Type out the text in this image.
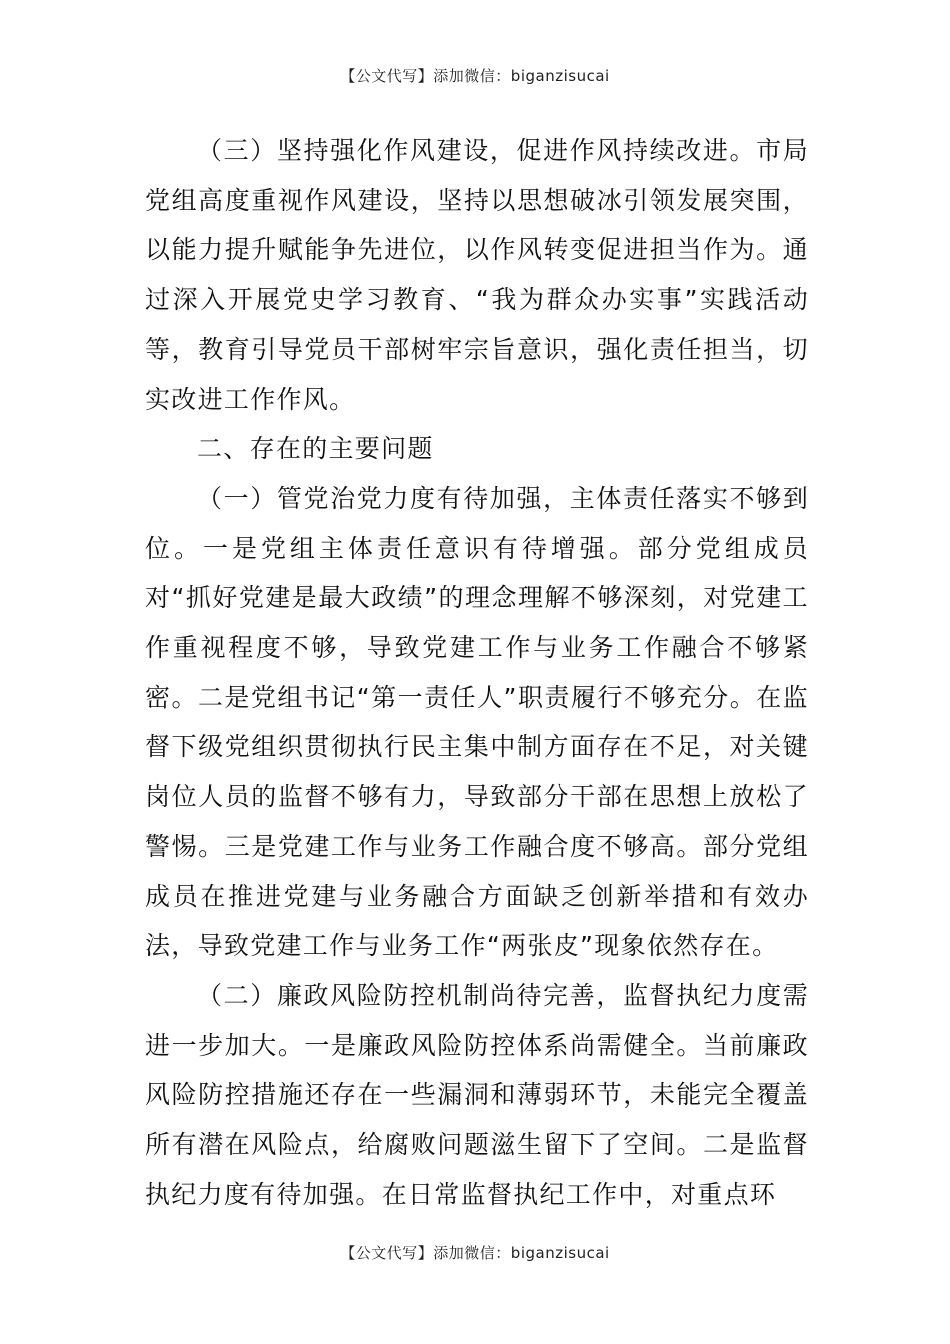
【公文代写】添加微信：biganzisucai

（三）坚持强化作风建设，促进作风持续改进。市局党组高度重视作风建设，坚持以思想破冰引领发展突围，以能力提升赋能争先进位，以作风转变促进担当作为。通过深入开展党史学习教育、“我为群众办实事”实践活动等，教育引导党员干部树牢宗旨意识，强化责任担当，切实改进工作作风。

二、存在的主要问题

（一）管党治党力度有待加强，主体责任落实不够到位。一是党组主体责任意识有待增强。部分党组成员对“抓好党建是最大政绩”的理念理解不够深刻，对党建工作重视程度不够，导致党建工作与业务工作融合不够紧密。二是党组书记“第一责任人”职责履行不够充分。在监督下级党组织贯彻执行民主集中制方面存在不足，对关键岗位人员的监督不够有力，导致部分干部在思想上放松了警惕。三是党建工作与业务工作融合度不够高。部分党组成员在推进党建与业务融合方面缺乏创新举措和有效办法，导致党建工作与业务工作“两张皮”现象依然存在。

（二）廉政风险防控机制尚待完善，监督执纪力度需进一步加大。一是廉政风险防控体系尚需健全。当前廉政风险防控措施还存在一些漏洞和薄弱环节，未能完全覆盖所有潜在风险点，给腐败问题滋生留下了空间。二是监督执纪力度有待加强。在日常监督执纪工作中，对重点环

【公文代写】添加微信：biganzisucai
